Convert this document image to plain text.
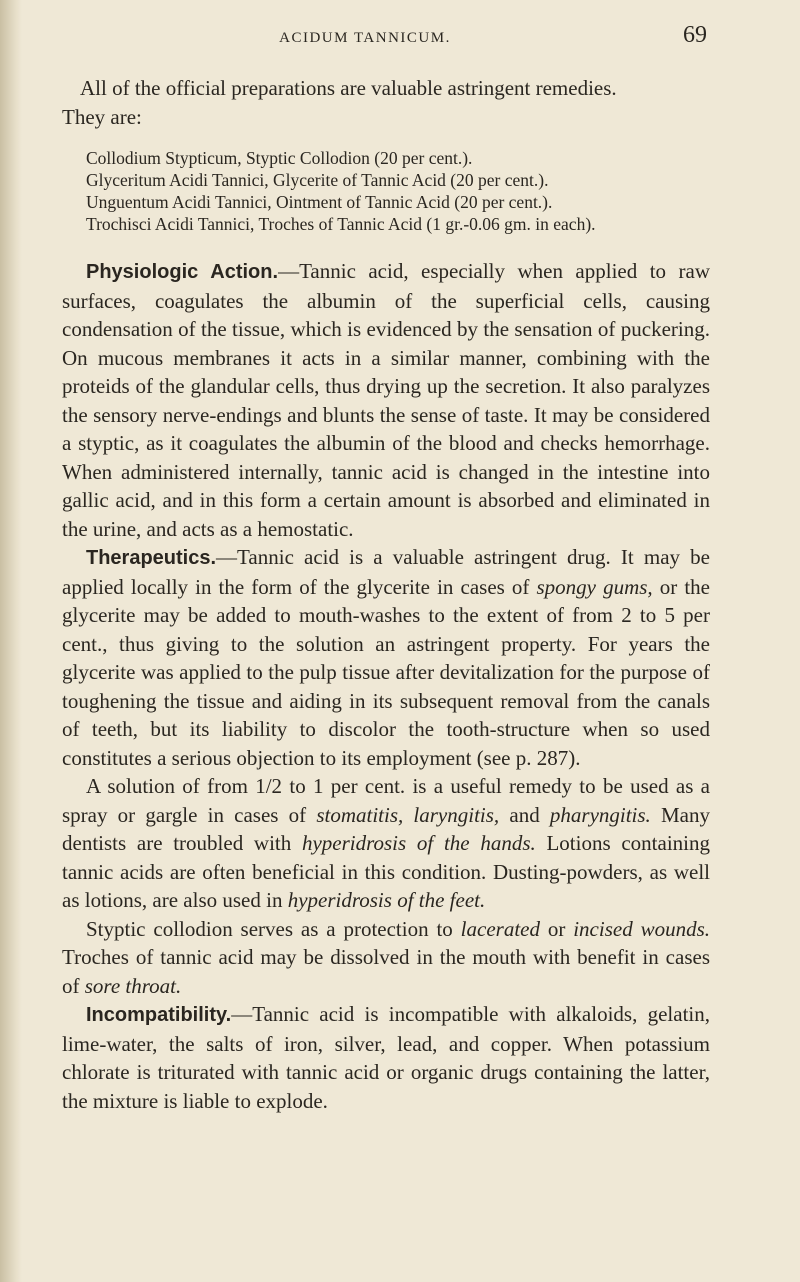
ACIDUM TANNICUM.	69

All of the official preparations are valuable astringent remedies.

They are:

Collodium Stypticum, Styptic Collodion (20 per cent.).
Glyceritum Acidi Tannici, Glycerite of Tannic Acid (20 per cent.).
Unguentum Acidi Tannici, Ointment of Tannic Acid (20 per cent.).
Trochisci Acidi Tannici, Troches of Tannic Acid (1 gr.-0.06 gm. in each).

Physiologic Action.—Tannic acid, especially when applied to raw surfaces, coagulates the albumin of the superficial cells, causing condensation of the tissue, which is evidenced by the sensation of puckering. On mucous membranes it acts in a similar manner, combining with the proteids of the glandular cells, thus drying up the secretion. It also paralyzes the sensory nerve-endings and blunts the sense of taste. It may be considered a styptic, as it coagulates the albumin of the blood and checks hemorrhage. When administered internally, tannic acid is changed in the intestine into gallic acid, and in this form a certain amount is absorbed and eliminated in the urine, and acts as a hemostatic.

Therapeutics.—Tannic acid is a valuable astringent drug. It may be applied locally in the form of the glycerite in cases of spongy gums, or the glycerite may be added to mouth-washes to the extent of from 2 to 5 per cent., thus giving to the solution an astringent property. For years the glycerite was applied to the pulp tissue after devitalization for the purpose of toughening the tissue and aiding in its subsequent removal from the canals of teeth, but its liability to discolor the tooth-structure when so used constitutes a serious objection to its employment (see p. 287).

A solution of from 1/2 to 1 per cent. is a useful remedy to be used as a spray or gargle in cases of stomatitis, laryngitis, and pharyngitis. Many dentists are troubled with hyperidrosis of the hands. Lotions containing tannic acids are often beneficial in this condition. Dusting-powders, as well as lotions, are also used in hyperidrosis of the feet.

Styptic collodion serves as a protection to lacerated or incised wounds. Troches of tannic acid may be dissolved in the mouth with benefit in cases of sore throat.

Incompatibility.—Tannic acid is incompatible with alkaloids, gelatin, lime-water, the salts of iron, silver, lead, and copper. When potassium chlorate is triturated with tannic acid or organic drugs containing the latter, the mixture is liable to explode.
